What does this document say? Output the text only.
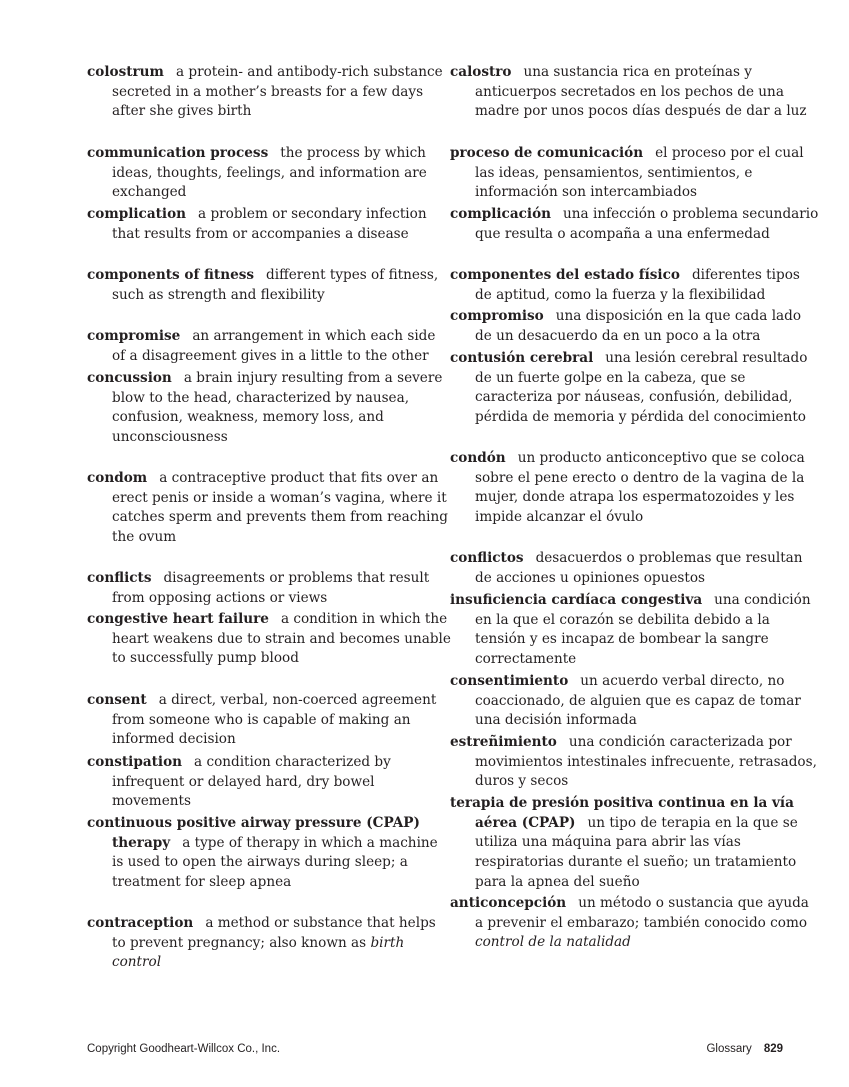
colostrum a protein- and antibody-rich substance secreted in a mother’s breasts for a few days after she gives birth

communication process the process by which ideas, thoughts, feelings, and information are exchanged

complication a problem or secondary infection that results from or accompanies a disease

components of fitness different types of fitness, such as strength and flexibility

compromise an arrangement in which each side of a disagreement gives in a little to the other

concussion a brain injury resulting from a severe blow to the head, characterized by nausea, confusion, weakness, memory loss, and unconsciousness

condom a contraceptive product that fits over an erect penis or inside a woman’s vagina, where it catches sperm and prevents them from reaching the ovum

conflicts disagreements or problems that result from opposing actions or views

congestive heart failure a condition in which the heart weakens due to strain and becomes unable to successfully pump blood

consent a direct, verbal, non-coerced agreement from someone who is capable of making an informed decision

constipation a condition characterized by infrequent or delayed hard, dry bowel movements

continuous positive airway pressure (CPAP) therapy a type of therapy in which a machine is used to open the airways during sleep; a treatment for sleep apnea

contraception a method or substance that helps to prevent pregnancy; also known as birth control

calostro una sustancia rica en proteínas y anticuerpos secretados en los pechos de una madre por unos pocos días después de dar a luz

proceso de comunicación el proceso por el cual las ideas, pensamientos, sentimientos, e información son intercambiados

complicación una infección o problema secundario que resulta o acompaña a una enfermedad

componentes del estado físico diferentes tipos de aptitud, como la fuerza y la flexibilidad

compromiso una disposición en la que cada lado de un desacuerdo da en un poco a la otra

contusión cerebral una lesión cerebral resultado de un fuerte golpe en la cabeza, que se caracteriza por náuseas, confusión, debilidad, pérdida de memoria y pérdida del conocimiento

condón un producto anticonceptivo que se coloca sobre el pene erecto o dentro de la vagina de la mujer, donde atrapa los espermatozoides y les impide alcanzar el óvulo

conflictos desacuerdos o problemas que resultan de acciones u opiniones opuestos

insuficiencia cardíaca congestiva una condición en la que el corazón se debilita debido a la tensión y es incapaz de bombear la sangre correctamente

consentimiento un acuerdo verbal directo, no coaccionado, de alguien que es capaz de tomar una decisión informada

estreñimiento una condición caracterizada por movimientos intestinales infrecuente, retrasados, duros y secos

terapia de presión positiva continua en la vía aérea (CPAP) un tipo de terapia en la que se utiliza una máquina para abrir las vías respiratorias durante el sueño; un tratamiento para la apnea del sueño

anticoncepción un método o sustancia que ayuda a prevenir el embarazo; también conocido como control de la natalidad

Copyright Goodheart-Willcox Co., Inc.	Glossary 829
